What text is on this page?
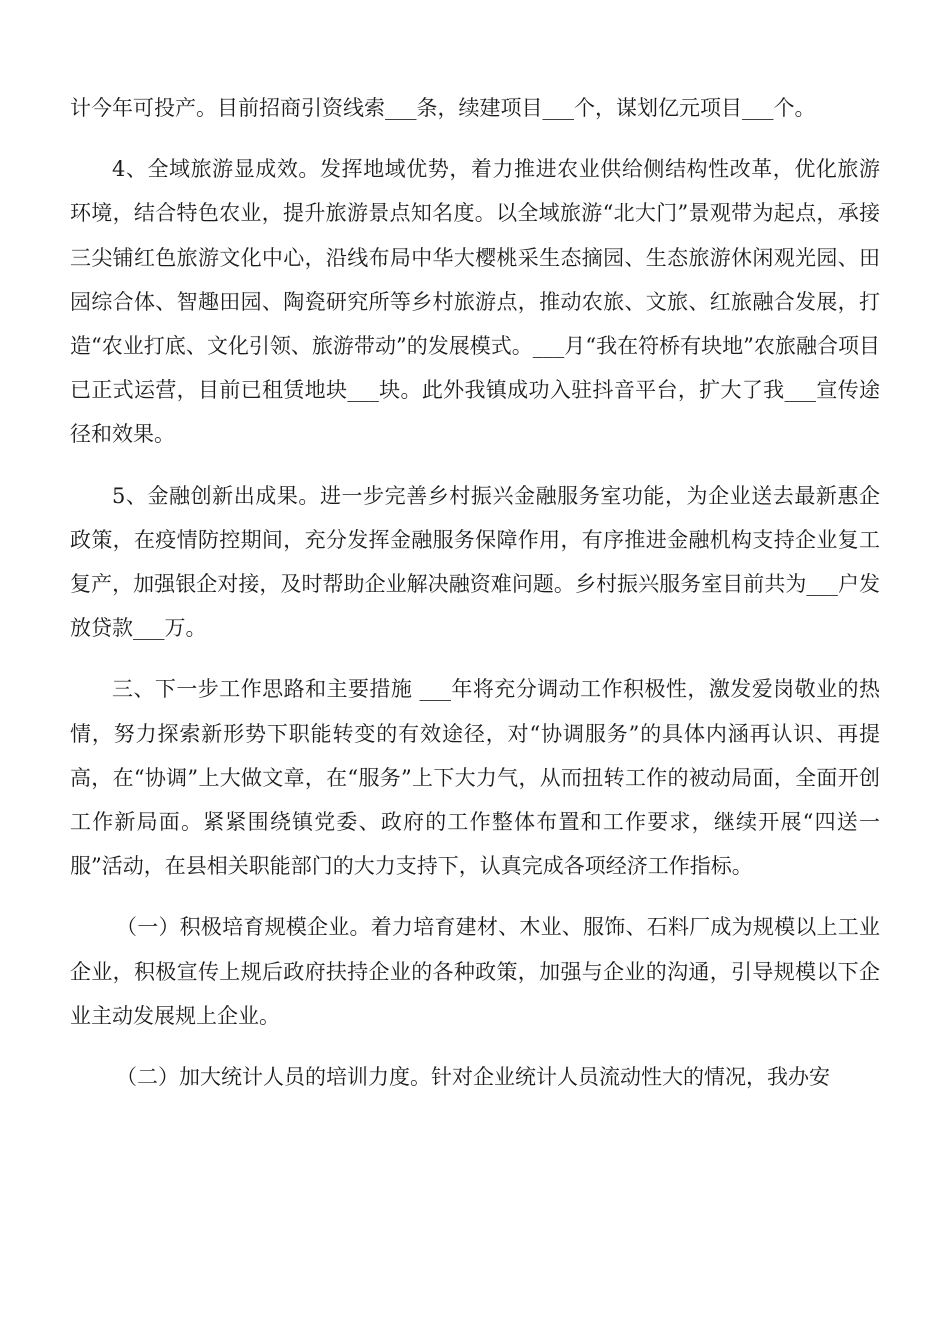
计今年可投产。目前招商引资线索___条，续建项目___个，谋划亿元项目___个。

4、全域旅游显成效。发挥地域优势，着力推进农业供给侧结构性改革，优化旅游环境，结合特色农业，提升旅游景点知名度。以全域旅游“北大门”景观带为起点，承接三尖铺红色旅游文化中心，沿线布局中华大樱桃采生态摘园、生态旅游休闲观光园、田园综合体、智趣田园、陶瓷研究所等乡村旅游点，推动农旅、文旅、红旅融合发展，打造“农业打底、文化引领、旅游带动”的发展模式。___月“我在符桥有块地”农旅融合项目已正式运营，目前已租赁地块___块。此外我镇成功入驻抖音平台，扩大了我___宣传途径和效果。

5、金融创新出成果。进一步完善乡村振兴金融服务室功能，为企业送去最新惠企政策，在疫情防控期间，充分发挥金融服务保障作用，有序推进金融机构支持企业复工复产，加强银企对接，及时帮助企业解决融资难问题。乡村振兴服务室目前共为___户发放贷款___万。

三、下一步工作思路和主要措施 ___年将充分调动工作积极性，激发爱岗敬业的热情，努力探索新形势下职能转变的有效途径，对“协调服务”的具体内涵再认识、再提高，在“协调”上大做文章，在“服务”上下大力气，从而扭转工作的被动局面，全面开创工作新局面。紧紧围绕镇党委、政府的工作整体布置和工作要求，继续开展“四送一服”活动，在县相关职能部门的大力支持下，认真完成各项经济工作指标。

（一）积极培育规模企业。着力培育建材、木业、服饰、石料厂成为规模以上工业企业，积极宣传上规后政府扶持企业的各种政策，加强与企业的沟通，引导规模以下企业主动发展规上企业。

（二）加大统计人员的培训力度。针对企业统计人员流动性大的情况，我办安
